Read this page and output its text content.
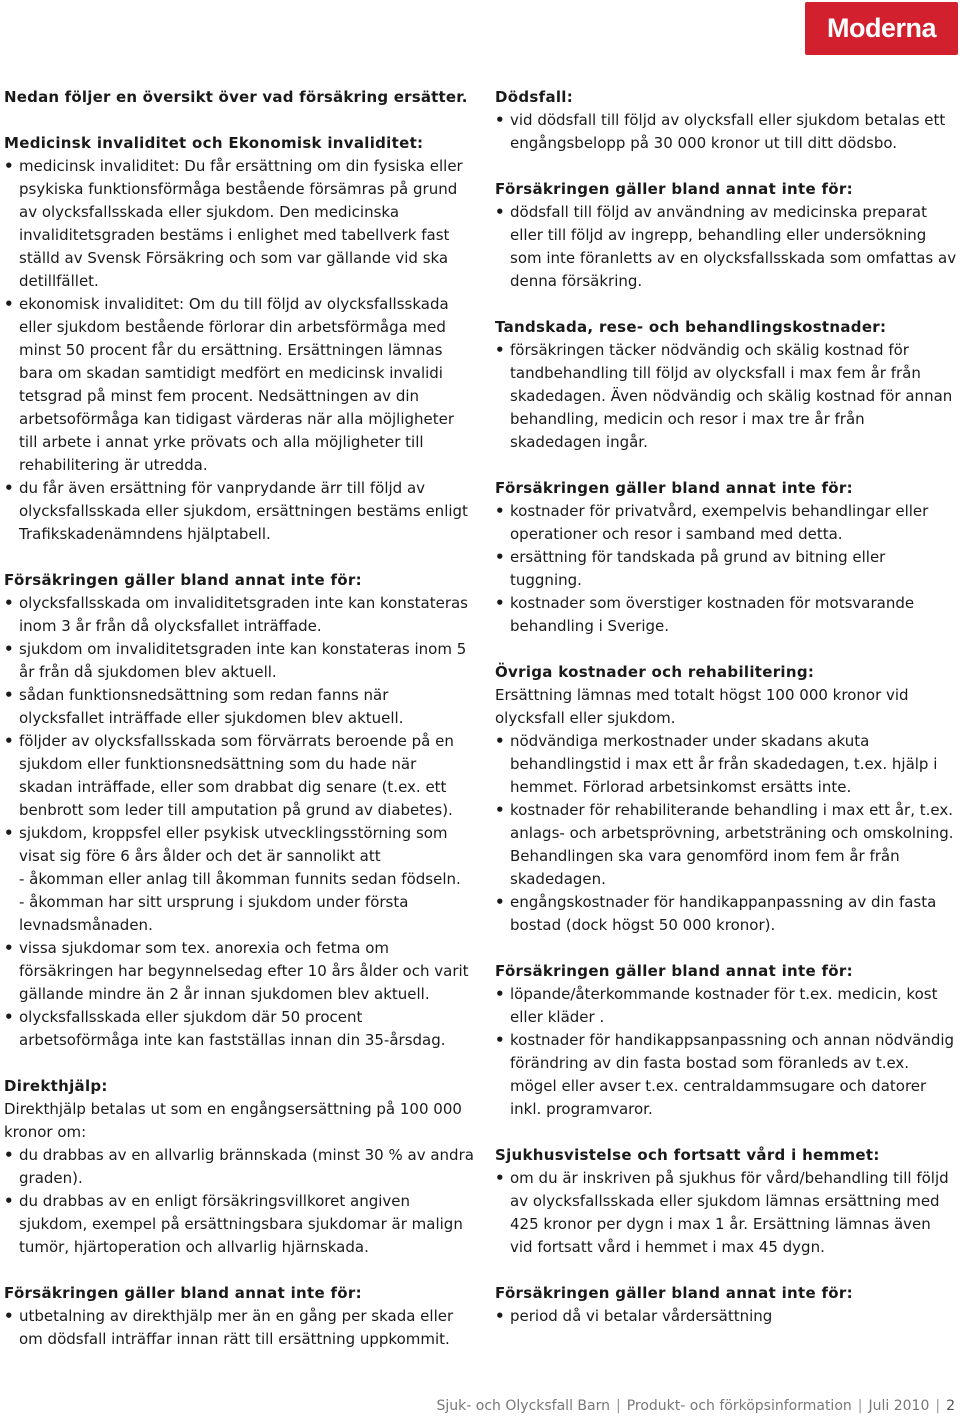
Moderna

Nedan följer en översikt över vad försäkring ersätter.

Medicinsk invaliditet och Ekonomisk invaliditet:

• medicinsk invaliditet: Du får ersättning om din fysiska eller psykiska funktionsförmåga bestående försämras på grund av olycksfallsskada eller sjukdom. Den medicinska invaliditetsgraden bestäms i enlighet med tabellverk fast ställd av Svensk Försäkring och som var gällande vid ska detillfället.
• ekonomisk invaliditet: Om du till följd av olycksfallsskada eller sjukdom bestående förlorar din arbetsförmåga med minst 50 procent får du ersättning. Ersättningen lämnas bara om skadan samtidigt medfört en medicinsk invalidi tetsgrad på minst fem procent. Nedsättningen av din arbetsoförmåga kan tidigast värderas när alla möjligheter till arbete i annat yrke prövats och alla möjligheter till rehabilitering är utredda.
• du får även ersättning för vanprydande ärr till följd av olycksfallsskada eller sjukdom, ersättningen bestäms enligt Trafikskadenämndens hjälptabell.

Försäkringen gäller bland annat inte för:

• olycksfallsskada om invaliditetsgraden inte kan konstateras inom 3 år från då olycksfallet inträffade.
• sjukdom om invaliditetsgraden inte kan konstateras inom 5 år från då sjukdomen blev aktuell.
• sådan funktionsnedsättning som redan fanns när olycksfallet inträffade eller sjukdomen blev aktuell.
• följder av olycksfallsskada som förvärrats beroende på en sjukdom eller funktionsnedsättning som du hade när skadan inträffade, eller som drabbat dig senare (t.ex. ett benbrott som leder till amputation på grund av diabetes).
• sjukdom, kroppsfel eller psykisk utvecklingsstörning som visat sig före 6 års ålder och det är sannolikt att
- åkomman eller anlag till åkomman funnits sedan födseln.
- åkomman har sitt ursprung i sjukdom under första levnadsmånaden.
• vissa sjukdomar som tex. anorexia och fetma om försäkringen har begynnelsedag efter 10 års ålder och varit gällande mindre än 2 år innan sjukdomen blev aktuell.
• olycksfallsskada eller sjukdom där 50 procent arbetsoförmåga inte kan fastställas innan din 35-årsdag.

Direkthjälp:

Direkthjälp betalas ut som en engångsersättning på 100 000 kronor om:

• du drabbas av en allvarlig brännskada (minst 30 % av andra graden).
• du drabbas av en enligt försäkringsvillkoret angiven sjukdom, exempel på ersättningsbara sjukdomar är malign tumör, hjärtoperation och allvarlig hjärnskada.

Försäkringen gäller bland annat inte för:

• utbetalning av direkthjälp mer än en gång per skada eller om dödsfall inträffar innan rätt till ersättning uppkommit.

Dödsfall:

• vid dödsfall till följd av olycksfall eller sjukdom betalas ett engångsbelopp på 30 000 kronor ut till ditt dödsbo.

Försäkringen gäller bland annat inte för:

• dödsfall till följd av användning av medicinska preparat eller till följd av ingrepp, behandling eller undersökning som inte föranletts av en olycksfallsskada som omfattas av denna försäkring.

Tandskada, rese- och behandlingskostnader:

• försäkringen täcker nödvändig och skälig kostnad för tandbehandling till följd av olycksfall i max fem år från skadedagen. Även nödvändig och skälig kostnad för annan behandling, medicin och resor i max tre år från skadedagen ingår.

Försäkringen gäller bland annat inte för:

• kostnader för privatvård, exempelvis behandlingar eller operationer och resor i samband med detta.
• ersättning för tandskada på grund av bitning eller tuggning.
• kostnader som överstiger kostnaden för motsvarande behandling i Sverige.

Övriga kostnader och rehabilitering:

Ersättning lämnas med totalt högst 100 000 kronor vid olycksfall eller sjukdom.

• nödvändiga merkostnader under skadans akuta behandlingstid i max ett år från skadedagen, t.ex. hjälp i hemmet. Förlorad arbetsinkomst ersätts inte.
• kostnader för rehabiliterande behandling i max ett år, t.ex. anlags- och arbetsprövning, arbetsträning och omskolning. Behandlingen ska vara genomförd inom fem år från skadedagen.
• engångskostnader för handikappanpassning av din fasta bostad (dock högst 50 000 kronor).

Försäkringen gäller bland annat inte för:

• löpande/återkommande kostnader för t.ex. medicin, kost eller kläder .
• kostnader för handikappsanpassning och annan nödvändig förändring av din fasta bostad som föranleds av t.ex. mögel eller avser t.ex. centraldammsugare och datorer inkl. programvaror.

Sjukhusvistelse och fortsatt vård i hemmet:

• om du är inskriven på sjukhus för vård/behandling till följd av olycksfallsskada eller sjukdom lämnas ersättning med 425 kronor per dygn i max 1 år. Ersättning lämnas även vid fortsatt vård i hemmet i max 45 dygn.

Försäkringen gäller bland annat inte för:

• period då vi betalar vårdersättning
Sjuk- och Olycksfall Barn | Produkt- och förköpsinformation | Juli 2010 | 2
